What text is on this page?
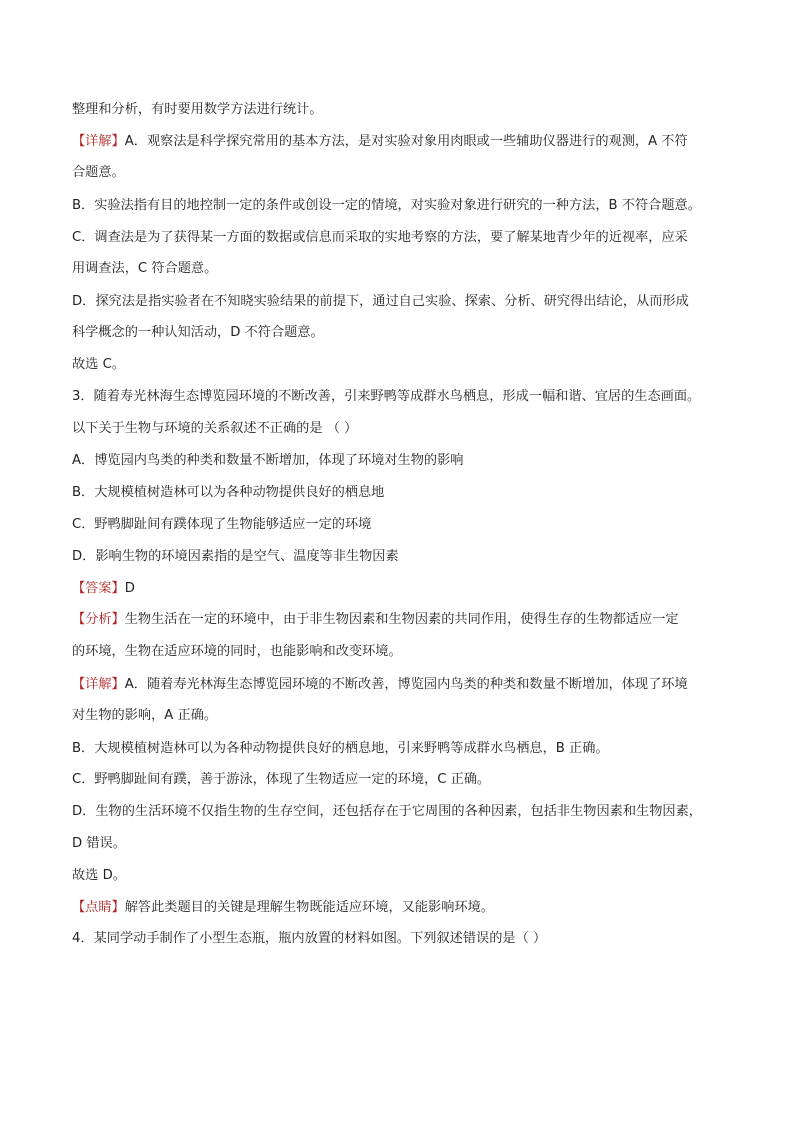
整理和分析，有时要用数学方法进行统计。
【详解】A．观察法是科学探究常用的基本方法，是对实验对象用肉眼或一些辅助仪器进行的观测，A 不符
合题意。
B．实验法指有目的地控制一定的条件或创设一定的情境，对实验对象进行研究的一种方法，B 不符合题意。
C．调查法是为了获得某一方面的数据或信息而采取的实地考察的方法，要了解某地青少年的近视率，应采
用调查法，C 符合题意。
D．探究法是指实验者在不知晓实验结果的前提下，通过自己实验、探索、分析、研究得出结论，从而形成
科学概念的一种认知活动，D 不符合题意。
故选 C。
3．随着寿光林海生态博览园环境的不断改善，引来野鸭等成群水鸟栖息，形成一幅和谐、宜居的生态画面。
以下关于生物与环境的关系叙述不正确的是 （ ）
A．博览园内鸟类的种类和数量不断增加，体现了环境对生物的影响
B．大规模植树造林可以为各种动物提供良好的栖息地
C．野鸭脚趾间有蹼体现了生物能够适应一定的环境
D．影响生物的环境因素指的是空气、温度等非生物因素
【答案】D
【分析】生物生活在一定的环境中，由于非生物因素和生物因素的共同作用，使得生存的生物都适应一定
的环境，生物在适应环境的同时，也能影响和改变环境。
【详解】A．随着寿光林海生态博览园环境的不断改善，博览园内鸟类的种类和数量不断增加，体现了环境
对生物的影响，A 正确。
B．大规模植树造林可以为各种动物提供良好的栖息地，引来野鸭等成群水鸟栖息，B 正确。
C．野鸭脚趾间有蹼，善于游泳，体现了生物适应一定的环境，C 正确。
D．生物的生活环境不仅指生物的生存空间，还包括存在于它周围的各种因素，包括非生物因素和生物因素，
D 错误。
故选 D。
【点睛】解答此类题目的关键是理解生物既能适应环境，又能影响环境。
4．某同学动手制作了小型生态瓶，瓶内放置的材料如图。下列叙述错误的是（ ）
